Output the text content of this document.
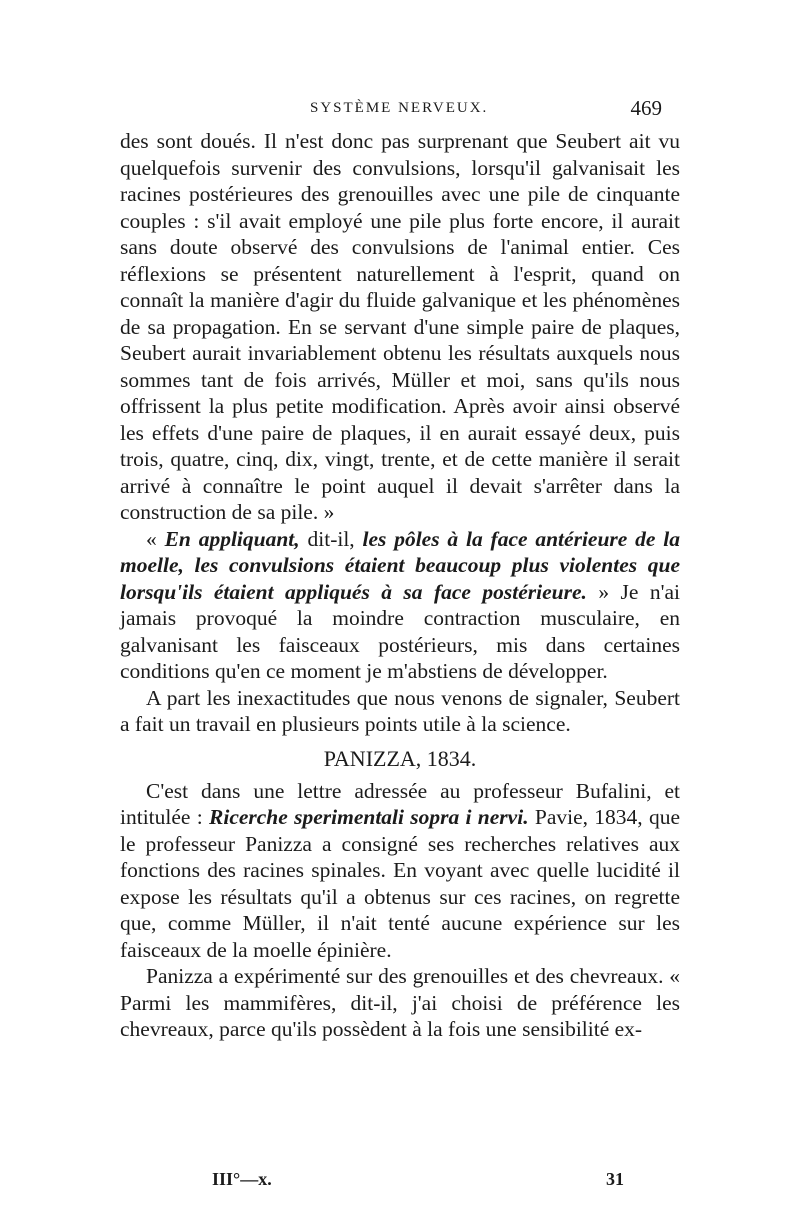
SYSTÈME NERVEUX.	469

des sont doués. Il n'est donc pas surprenant que Seubert ait vu quelquefois survenir des convulsions, lorsqu'il galvanisait les racines postérieures des grenouilles avec une pile de cinquante couples : s'il avait employé une pile plus forte encore, il aurait sans doute observé des convulsions de l'animal entier. Ces réflexions se présentent naturellement à l'esprit, quand on connaît la manière d'agir du fluide galvanique et les phénomènes de sa propagation. En se servant d'une simple paire de plaques, Seubert aurait invariablement obtenu les résultats auxquels nous sommes tant de fois arrivés, Müller et moi, sans qu'ils nous offrissent la plus petite modification. Après avoir ainsi observé les effets d'une paire de plaques, il en aurait essayé deux, puis trois, quatre, cinq, dix, vingt, trente, et de cette manière il serait arrivé à connaître le point auquel il devait s'arrêter dans la construction de sa pile. »

« En appliquant, dit-il, les pôles à la face antérieure de la moelle, les convulsions étaient beaucoup plus violentes que lorsqu'ils étaient appliqués à sa face postérieure. » Je n'ai jamais provoqué la moindre contraction musculaire, en galvanisant les faisceaux postérieurs, mis dans certaines conditions qu'en ce moment je m'abstiens de développer.

A part les inexactitudes que nous venons de signaler, Seubert a fait un travail en plusieurs points utile à la science.

PANIZZA, 1834.

C'est dans une lettre adressée au professeur Bufalini, et intitulée : Ricerche sperimentali sopra i nervi. Pavie, 1834, que le professeur Panizza a consigné ses recherches relatives aux fonctions des racines spinales. En voyant avec quelle lucidité il expose les résultats qu'il a obtenus sur ces racines, on regrette que, comme Müller, il n'ait tenté aucune expérience sur les faisceaux de la moelle épinière.

Panizza a expérimenté sur des grenouilles et des chevreaux. « Parmi les mammifères, dit-il, j'ai choisi de préférence les chevreaux, parce qu'ils possèdent à la fois une sensibilité ex-

III°—x.	31
